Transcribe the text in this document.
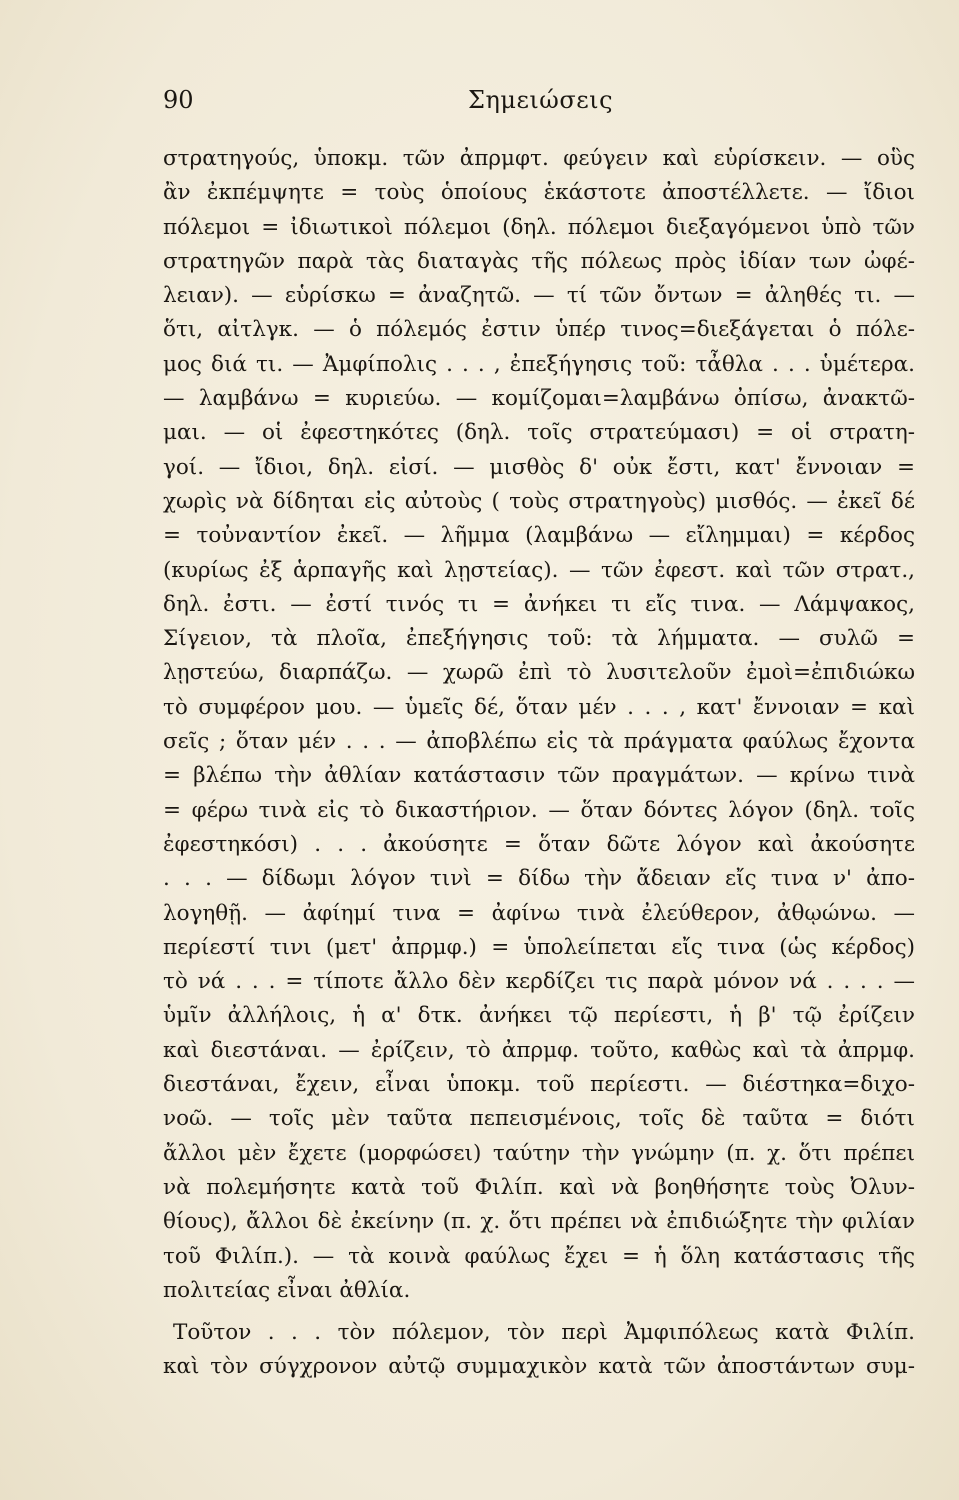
90	Σημειώσεις

στρατηγούς, ὑποκμ. τῶν ἀπρμφτ. φεύγειν καὶ εὑρίσκειν. — οὓς
ἂν ἐκπέμψητε = τοὺς ὁποίους ἑκάστοτε ἀποστέλλετε. — ἴδιοι
πόλεμοι = ἰδιωτικοὶ πόλεμοι (δηλ. πόλεμοι διεξαγόμενοι ὑπὸ τῶν
στρατηγῶν παρὰ τὰς διαταγὰς τῆς πόλεως πρὸς ἰδίαν των ὠφέ-
λειαν). — εὑρίσκω = ἀναζητῶ. — τί τῶν ὄντων = ἀληθές τι. —
ὅτι, αἰτλγκ. — ὁ πόλεμός ἐστιν ὑπέρ τινος=διεξάγεται ὁ πόλε-
μος διά τι. — Ἀμφίπολις . . . , ἐπεξήγησις τοῦ: τἆθλα . . . ὑμέτερα.
— λαμβάνω = κυριεύω. — κομίζομαι=λαμβάνω ὀπίσω, ἀνακτῶ-
μαι. — οἱ ἐφεστηκότες (δηλ. τοῖς στρατεύμασι) = οἱ στρατη-
γοί. — ἴδιοι, δηλ. εἰσί. — μισθὸς δ' οὐκ ἔστι, κατ' ἔννοιαν =
χωρὶς νὰ δίδηται εἰς αὐτοὺς ( τοὺς στρατηγοὺς) μισθός. — ἐκεῖ δέ
= τοὐναντίον ἐκεῖ. — λῆμμα (λαμβάνω — εἴλημμαι) = κέρδος
(κυρίως ἐξ ἁρπαγῆς καὶ λῃστείας). — τῶν ἐφεστ. καὶ τῶν στρατ.,
δηλ. ἐστι. — ἐστί τινός τι = ἀνήκει τι εἴς τινα. — Λάμψακος,
Σίγειον, τὰ πλοῖα, ἐπεξήγησις τοῦ: τὰ λήμματα. — συλῶ =
λῃστεύω, διαρπάζω. — χωρῶ ἐπὶ τὸ λυσιτελοῦν ἐμοὶ=ἐπιδιώκω
τὸ συμφέρον μου. — ὑμεῖς δέ, ὅταν μέν . . . , κατ' ἔννοιαν = καὶ
σεῖς ; ὅταν μέν . . . — ἀποβλέπω εἰς τὰ πράγματα φαύλως ἔχοντα
= βλέπω τὴν ἀθλίαν κατάστασιν τῶν πραγμάτων. — κρίνω τινὰ
= φέρω τινὰ εἰς τὸ δικαστήριον. — ὅταν δόντες λόγον (δηλ. τοῖς
ἐφεστηκόσι) . . . ἀκούσητε = ὅταν δῶτε λόγον καὶ ἀκούσητε
. . . — δίδωμι λόγον τινὶ = δίδω τὴν ἄδειαν εἴς τινα ν' ἀπο-
λογηθῇ. — ἀφίημί τινα = ἀφίνω τινὰ ἐλεύθερον, ἀθῳώνω. —
περίεστί τινι (μετ' ἀπρμφ.) = ὑπολείπεται εἴς τινα (ὡς κέρδος)
τὸ νά . . . = τίποτε ἄλλο δὲν κερδίζει τις παρὰ μόνον νά . . . . —
ὑμῖν ἀλλήλοις, ἡ α' δτκ. ἀνήκει τῷ περίεστι, ἡ β' τῷ ἐρίζειν
καὶ διεστάναι. — ἐρίζειν, τὸ ἀπρμφ. τοῦτο, καθὼς καὶ τὰ ἀπρμφ.
διεστάναι, ἔχειν, εἶναι ὑποκμ. τοῦ περίεστι. — διέστηκα=διχο-
νοῶ. — τοῖς μὲν ταῦτα πεπεισμένοις, τοῖς δὲ ταῦτα = διότι
ἄλλοι μὲν ἔχετε (μορφώσει) ταύτην τὴν γνώμην (π. χ. ὅτι πρέπει
νὰ πολεμήσητε κατὰ τοῦ Φιλίπ. καὶ νὰ βοηθήσητε τοὺς Ὀλυν-
θίους), ἄλλοι δὲ ἐκείνην (π. χ. ὅτι πρέπει νὰ ἐπιδιώξητε τὴν φιλίαν
τοῦ Φιλίπ.). — τὰ κοινὰ φαύλως ἔχει = ἡ ὅλη κατάστασις τῆς
πολιτείας εἶναι ἀθλία.

Τοῦτον . . . τὸν πόλεμον, τὸν περὶ Ἀμφιπόλεως κατὰ Φιλίπ.
καὶ τὸν σύγχρονον αὐτῷ συμμαχικὸν κατὰ τῶν ἀποστάντων συμ-
